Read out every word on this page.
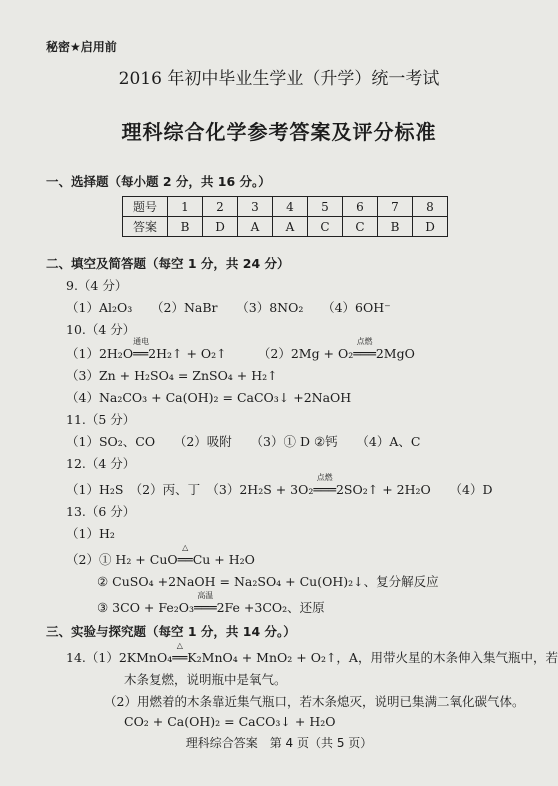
秘密★启用前
2016 年初中毕业生学业（升学）统一考试
理科综合化学参考答案及评分标准
一、选择题（每小题 2 分，共 16 分。）
题号	1	2	3	4	5	6	7	8
答案	B	D	A	A	C	C	B	D
二、填空及简答题（每空 1 分，共 24 分）
9.（4 分）
（1）Al₂O₃　　（2）NaBr　　（3）8NO₂　　（4）6OH⁻
10.（4 分）
（1）2H₂O
通电
══2H₂↑ + O₂↑　　　（2）2Mg + O₂
点燃
═══2MgO
（3）Zn + H₂SO₄ = ZnSO₄ + H₂↑
（4）Na₂CO₃ + Ca(OH)₂ = CaCO₃↓ +2NaOH
11.（5 分）
（1）SO₂、CO　　（2）吸附　　（3）① D ②钙　　（4）A、C
12.（4 分）
（1）H₂S　（2）丙、丁　（3）2H₂S + 3O₂
点燃
═══2SO₂↑ + 2H₂O　　（4）D
13.（6 分）
（1）H₂
（2）① H₂ + CuO
△
══Cu + H₂O
② CuSO₄ +2NaOH = Na₂SO₄ + Cu(OH)₂↓、复分解反应
③ 3CO + Fe₂O₃
高温
═══2Fe +3CO₂、还原
三、实验与探究题（每空 1 分，共 14 分。）
14.（1）2KMnO₄
△
══K₂MnO₄ + MnO₂ + O₂↑，A，用带火星的木条伸入集气瓶中，若
木条复燃，说明瓶中是氧气。
（2）用燃着的木条靠近集气瓶口，若木条熄灭，说明已集满二氧化碳气体。
CO₂ + Ca(OH)₂ = CaCO₃↓ + H₂O
理科综合答案　第 4 页（共 5 页）
